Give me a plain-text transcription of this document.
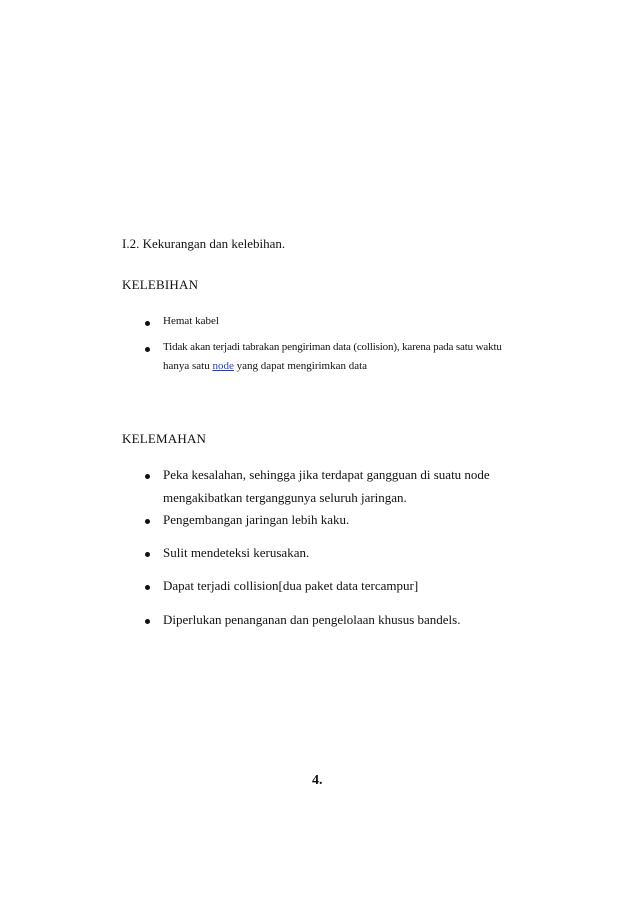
I.2. Kekurangan dan kelebihan.
KELEBIHAN
Hemat kabel
Tidak akan terjadi tabrakan pengiriman data (collision), karena pada satu waktu
hanya satu node yang dapat mengirimkan data
KELEMAHAN
Peka kesalahan, sehingga jika terdapat gangguan di suatu node
mengakibatkan terganggunya seluruh jaringan.
Pengembangan jaringan lebih kaku.
Sulit mendeteksi kerusakan.
Dapat terjadi collision[dua paket data tercampur]
Diperlukan penanganan dan pengelolaan khusus bandels.
4.
